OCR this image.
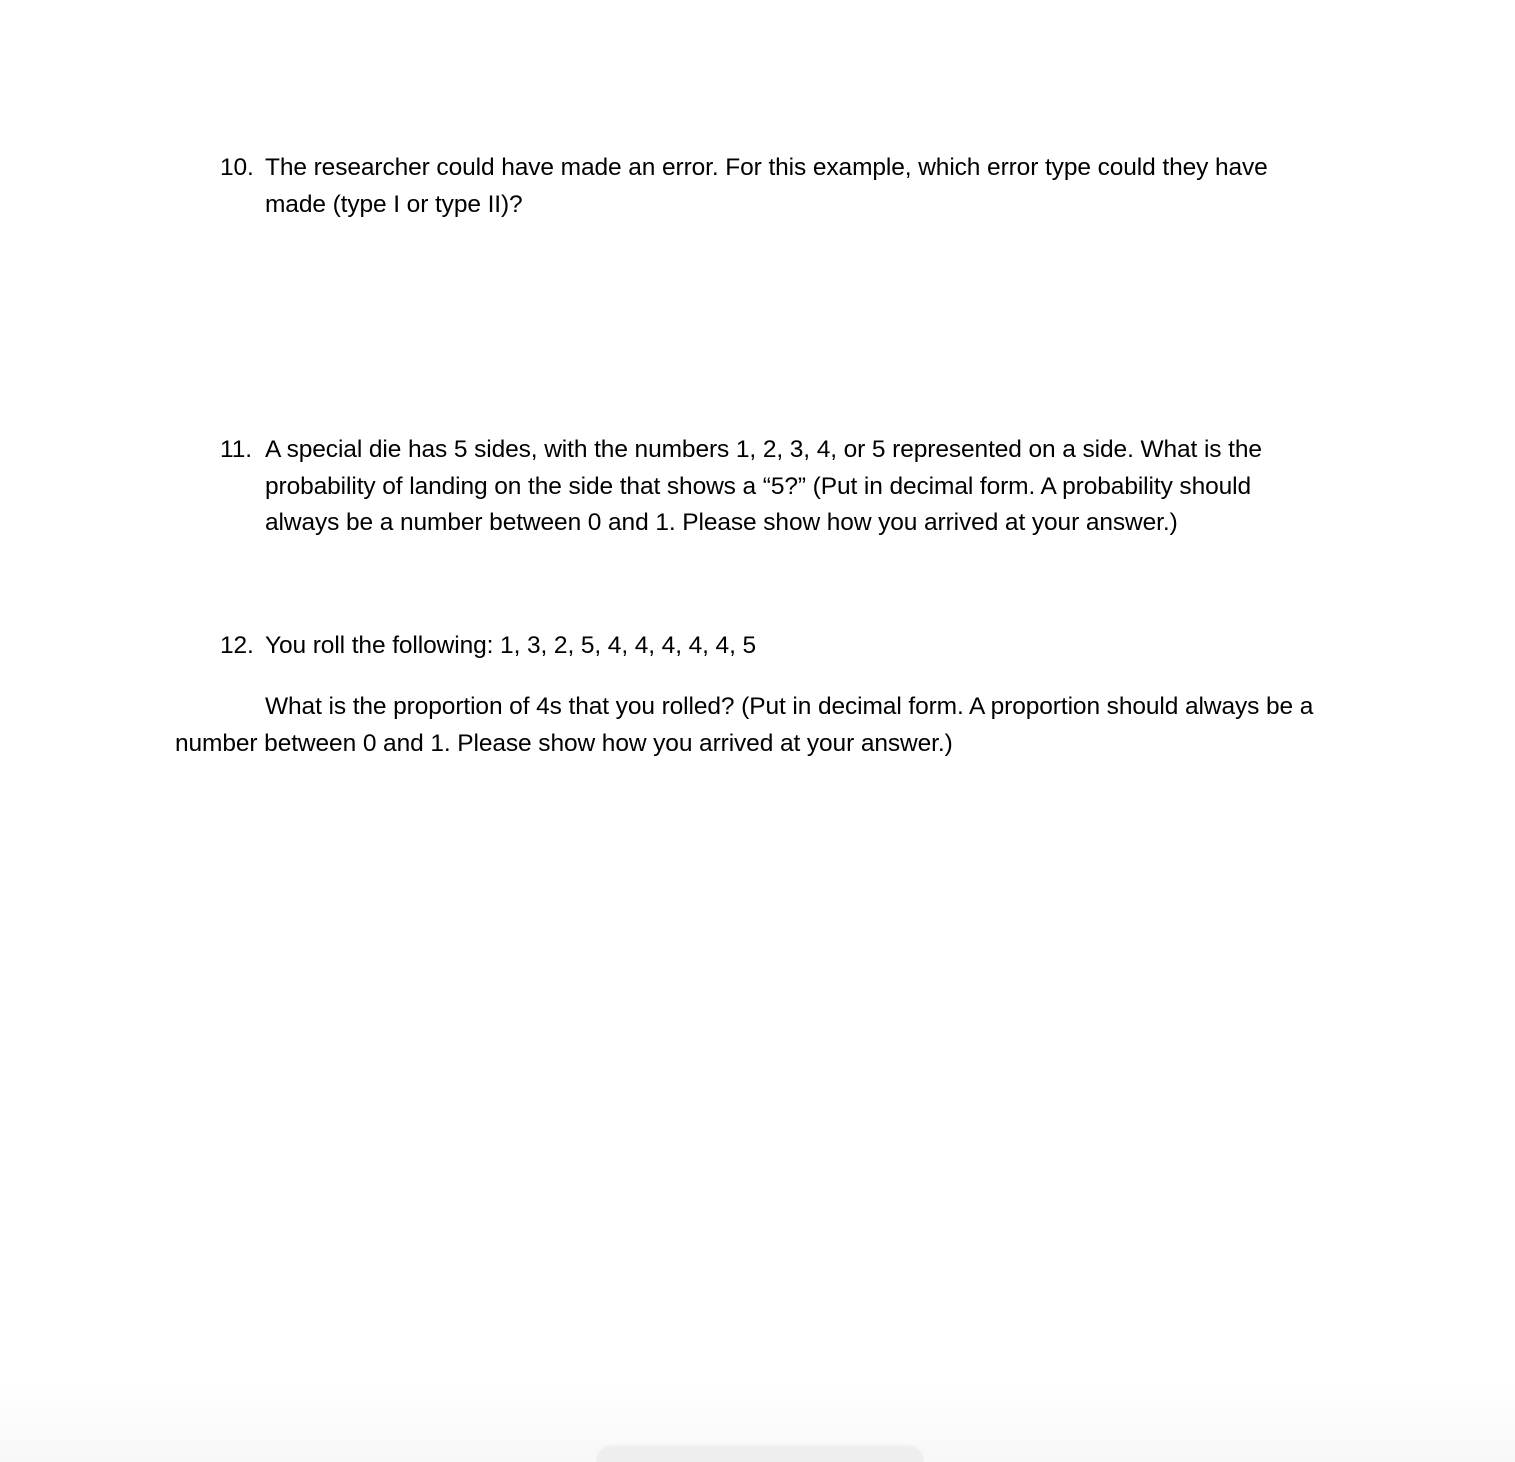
10. The researcher could have made an error. For this example, which error type could they have
made (type I or type II)?
11. A special die has 5 sides, with the numbers 1, 2, 3, 4, or 5 represented on a side. What is the
probability of landing on the side that shows a “5?” (Put in decimal form. A probability should
always be a number between 0 and 1. Please show how you arrived at your answer.)
12. You roll the following: 1, 3, 2, 5, 4, 4, 4, 4, 4, 5

What is the proportion of 4s that you rolled? (Put in decimal form. A proportion should always be a number between 0 and 1. Please show how you arrived at your answer.)
